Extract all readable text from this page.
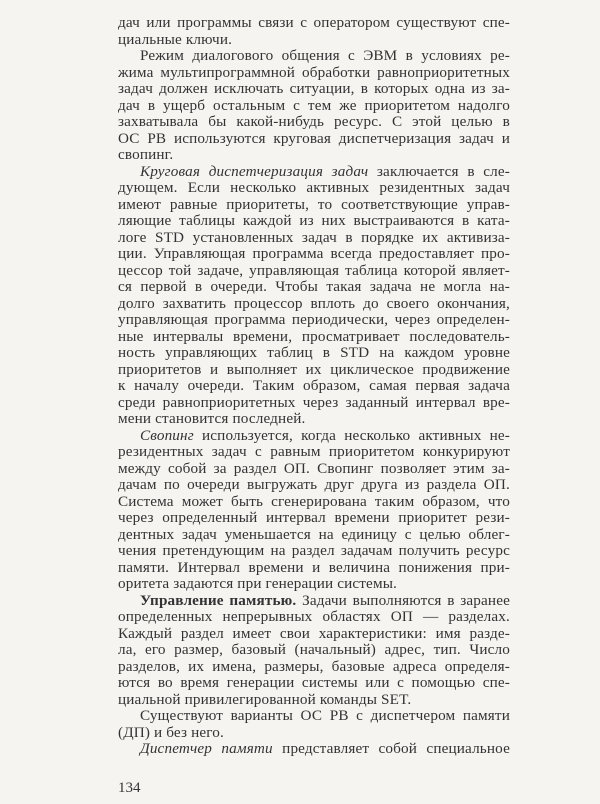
дач или программы связи с оператором существуют спе-
циальные ключи.
Режим диалогового общения с ЭВМ в условиях ре-
жима мультипрограммной обработки равноприоритетных
задач должен исключать ситуации, в которых одна из за-
дач в ущерб остальным с тем же приоритетом надолго
захватывала бы какой-нибудь ресурс. С этой целью в
ОС РВ используются круговая диспетчеризация задач и
свопинг.
Круговая диспетчеризация задач заключается в сле-
дующем. Если несколько активных резидентных задач
имеют равные приоритеты, то соответствующие управ-
ляющие таблицы каждой из них выстраиваются в ката-
логе STD установленных задач в порядке их активиза-
ции. Управляющая программа всегда предоставляет про-
цессор той задаче, управляющая таблица которой являет-
ся первой в очереди. Чтобы такая задача не могла на-
долго захватить процессор вплоть до своего окончания,
управляющая программа периодически, через определен-
ные интервалы времени, просматривает последователь-
ность управляющих таблиц в STD на каждом уровне
приоритетов и выполняет их циклическое продвижение
к началу очереди. Таким образом, самая первая задача
среди равноприоритетных через заданный интервал вре-
мени становится последней.
Свопинг используется, когда несколько активных не-
резидентных задач с равным приоритетом конкурируют
между собой за раздел ОП. Свопинг позволяет этим за-
дачам по очереди выгружать друг друга из раздела ОП.
Система может быть сгенерирована таким образом, что
через определенный интервал времени приоритет рези-
дентных задач уменьшается на единицу с целью облег-
чения претендующим на раздел задачам получить ресурс
памяти. Интервал времени и величина понижения при-
оритета задаются при генерации системы.
Управление памятью. Задачи выполняются в заранее
определенных непрерывных областях ОП — разделах.
Каждый раздел имеет свои характеристики: имя разде-
ла, его размер, базовый (начальный) адрес, тип. Число
разделов, их имена, размеры, базовые адреса определя-
ются во время генерации системы или с помощью спе-
циальной привилегированной команды SET.
Существуют варианты ОС РВ с диспетчером памяти
(ДП) и без него.
Диспетчер памяти представляет собой специальное
134
